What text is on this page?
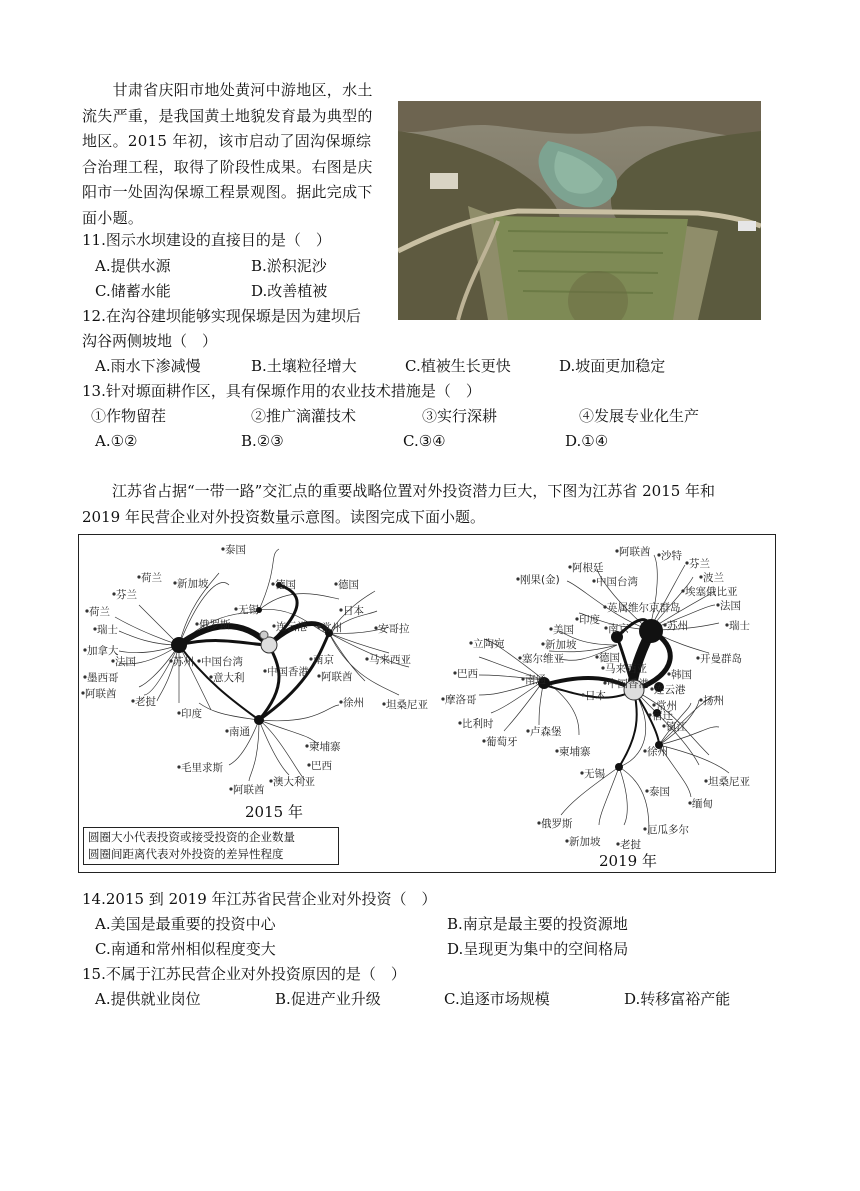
　　甘肃省庆阳市地处黄河中游地区，水土
流失严重，是我国黄土地貌发育最为典型的
地区。2015 年初，该市启动了固沟保塬综
合治理工程，取得了阶段性成果。右图是庆
阳市一处固沟保塬工程景观图。据此完成下
面小题。
11.图示水坝建设的直接目的是（　）
A.提供水源	B.淤积泥沙
C.储蓄水能	D.改善植被
12.在沟谷建坝能够实现保塬是因为建坝后
沟谷两侧坡地（　）
A.雨水下渗减慢	B.土壤粒径增大	C.植被生长更快	D.坡面更加稳定
13.针对塬面耕作区，具有保塬作用的农业技术措施是（　）
①作物留茬	②推广滴灌技术	③实行深耕	④发展专业化生产
A.①②	B.②③	C.③④	D.①④
　　江苏省占据“一带一路”交汇点的重要战略位置对外投资潜力巨大，下图为江苏省 2015 年和
2019 年民营企业对外投资数量示意图。读图完成下面小题。
泰国
荷兰 新加坡
无锡
德国	德国
芬兰
连云港
日本
荷兰
俄罗斯	常州	安哥拉
瑞士
加拿大
法国	苏州 中国台湾	南京	马来西亚
墨西哥	中国香港
阿联酋
阿联酋
意大利
老挝	徐州 坦桑尼亚
印度
南通
柬埔寨
巴西
毛里求斯
澳大利亚
阿联酋
阿联酋 沙特
阿根廷	芬兰
刚果(金)	中国台湾	波兰
埃塞俄比亚
法国
英属维尔京群岛
印度	苏州	瑞士
美国	南京
立陶宛	新加坡
开曼群岛
塞尔维亚	德国
巴西	马来西亚 韩国
南通
日本	连云港
摩洛哥	常州 扬州
中国香港
比利时
宿迁
葡萄牙
卢森堡	镇江
柬埔寨	徐州
坦桑尼亚
无锡
泰国
缅甸
俄罗斯	厄瓜多尔
新加坡 老挝
2015 年
2019 年
圆圈大小代表投资或接受投资的企业数量
圆圈间距离代表对外投资的差异性程度
14.2015 到 2019 年江苏省民营企业对外投资（　）
A.美国是最重要的投资中心	B.南京是最主要的投资源地
C.南通和常州相似程度变大	D.呈现更为集中的空间格局
15.不属于江苏民营企业对外投资原因的是（　）
A.提供就业岗位	B.促进产业升级	C.追逐市场规模	D.转移富裕产能
